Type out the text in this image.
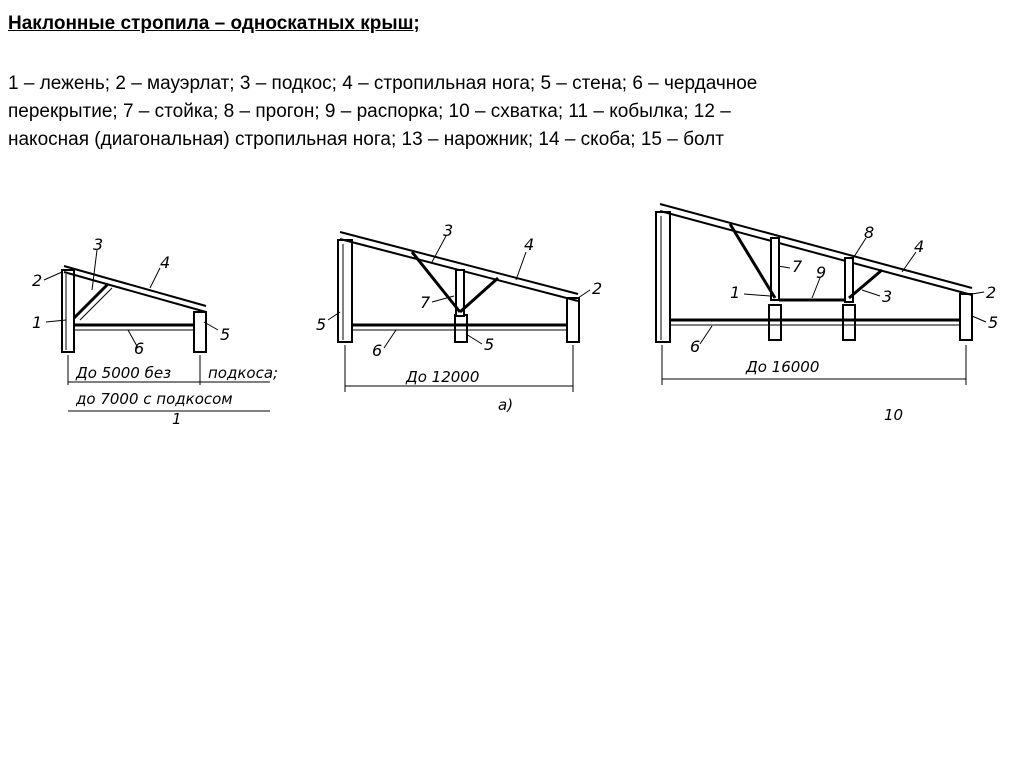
Наклонные стропила – односкатных крыш;
1 – лежень; 2 – мауэрлат; 3 – подкос; 4 – стропильная нога; 5 – стена; 6 – чердачное
перекрытие; 7 – стойка; 8 – прогон; 9 – распорка; 10 – схватка; 11 – кобылка; 12 –
накосная (диагональная) стропильная нога; 13 – нарожник; 14 – скоба; 15 – болт
3
4
2
1
5
6
До 5000 без подкоса;
до 7000 с подкосом
1
3
4
2
5
7
6	5
До 12000
а)
8
4
7 9
1	2
3
5
6
До 16000
10
